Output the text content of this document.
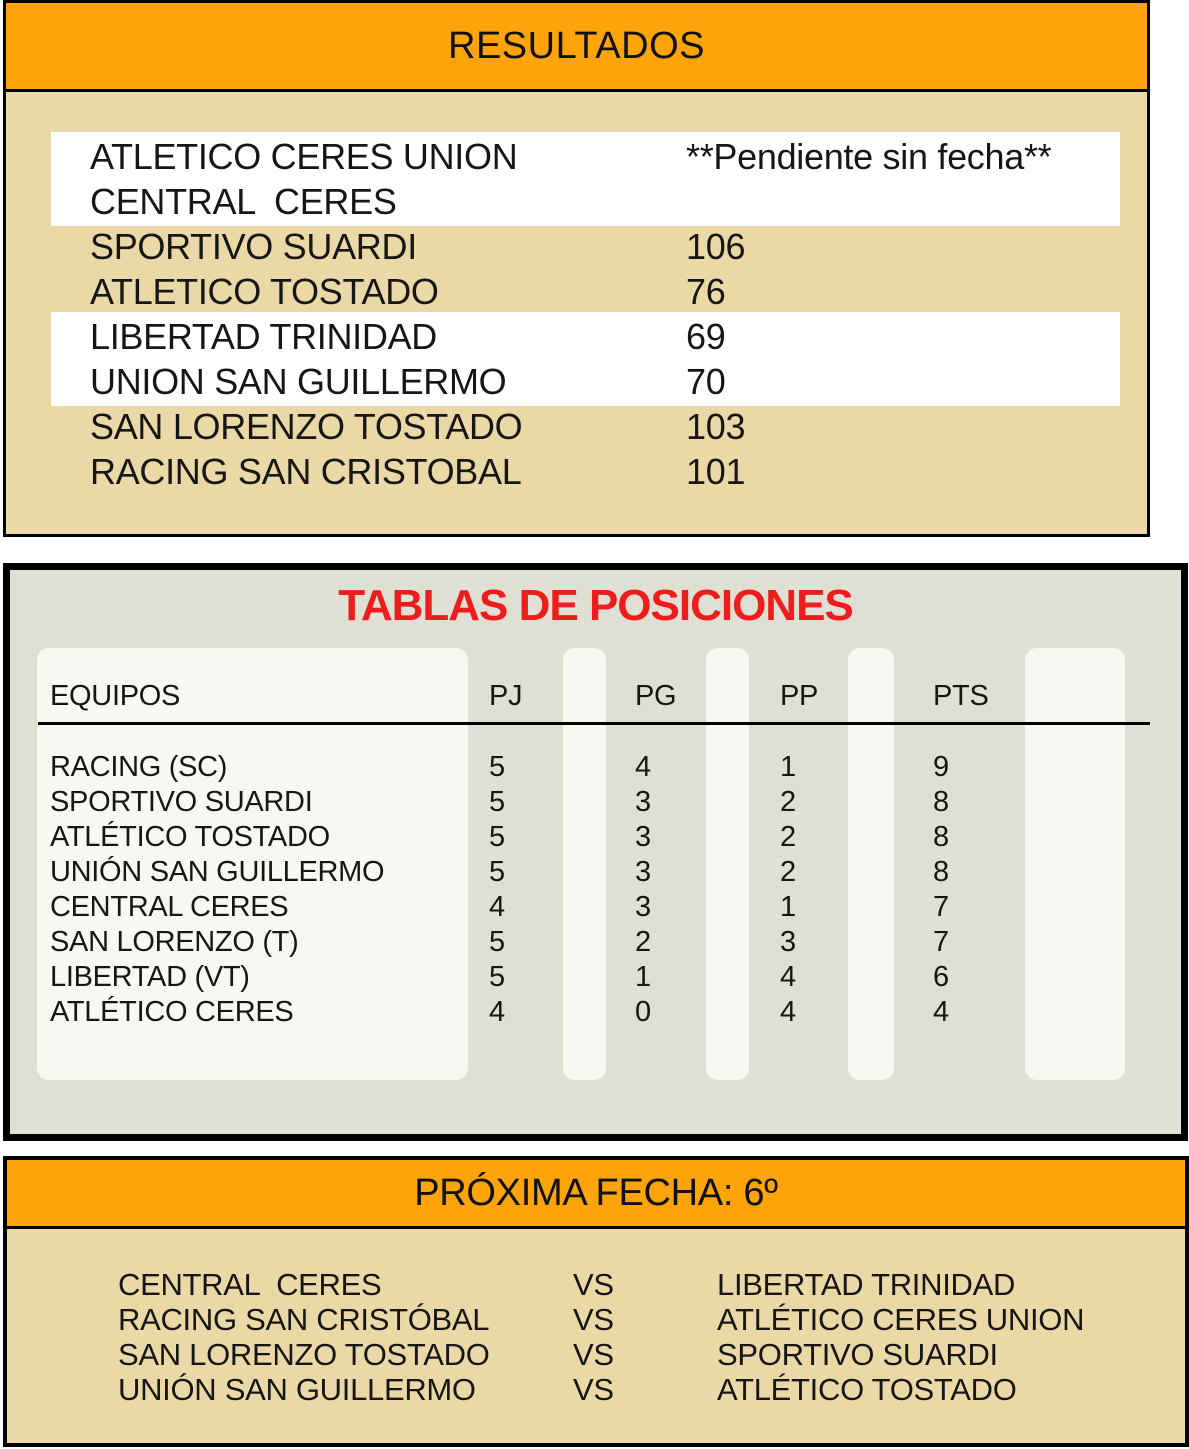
RESULTADOS
ATLETICO CERES UNION	**Pendiente sin fecha**
CENTRAL  CERES
SPORTIVO SUARDI	106
ATLETICO TOSTADO	76
LIBERTAD TRINIDAD	69
UNION SAN GUILLERMO	70
SAN LORENZO TOSTADO	103
RACING SAN CRISTOBAL	101
TABLAS DE POSICIONES
EQUIPOS	PJ	PG	PP	PTS
RACING (SC)	5	4	1	9
SPORTIVO SUARDI	5	3	2	8
ATLÉTICO TOSTADO	5	3	2	8
UNIÓN SAN GUILLERMO	5	3	2	8
CENTRAL CERES	4	3	1	7
SAN LORENZO (T)	5	2	3	7
LIBERTAD (VT)	5	1	4	6
ATLÉTICO CERES	4	0	4	4
PRÓXIMA FECHA: 6º
CENTRAL  CERES	VS	LIBERTAD TRINIDAD
RACING SAN CRISTÓBAL	VS	ATLÉTICO CERES UNION
SAN LORENZO TOSTADO	VS	SPORTIVO SUARDI
UNIÓN SAN GUILLERMO	VS	ATLÉTICO TOSTADO
